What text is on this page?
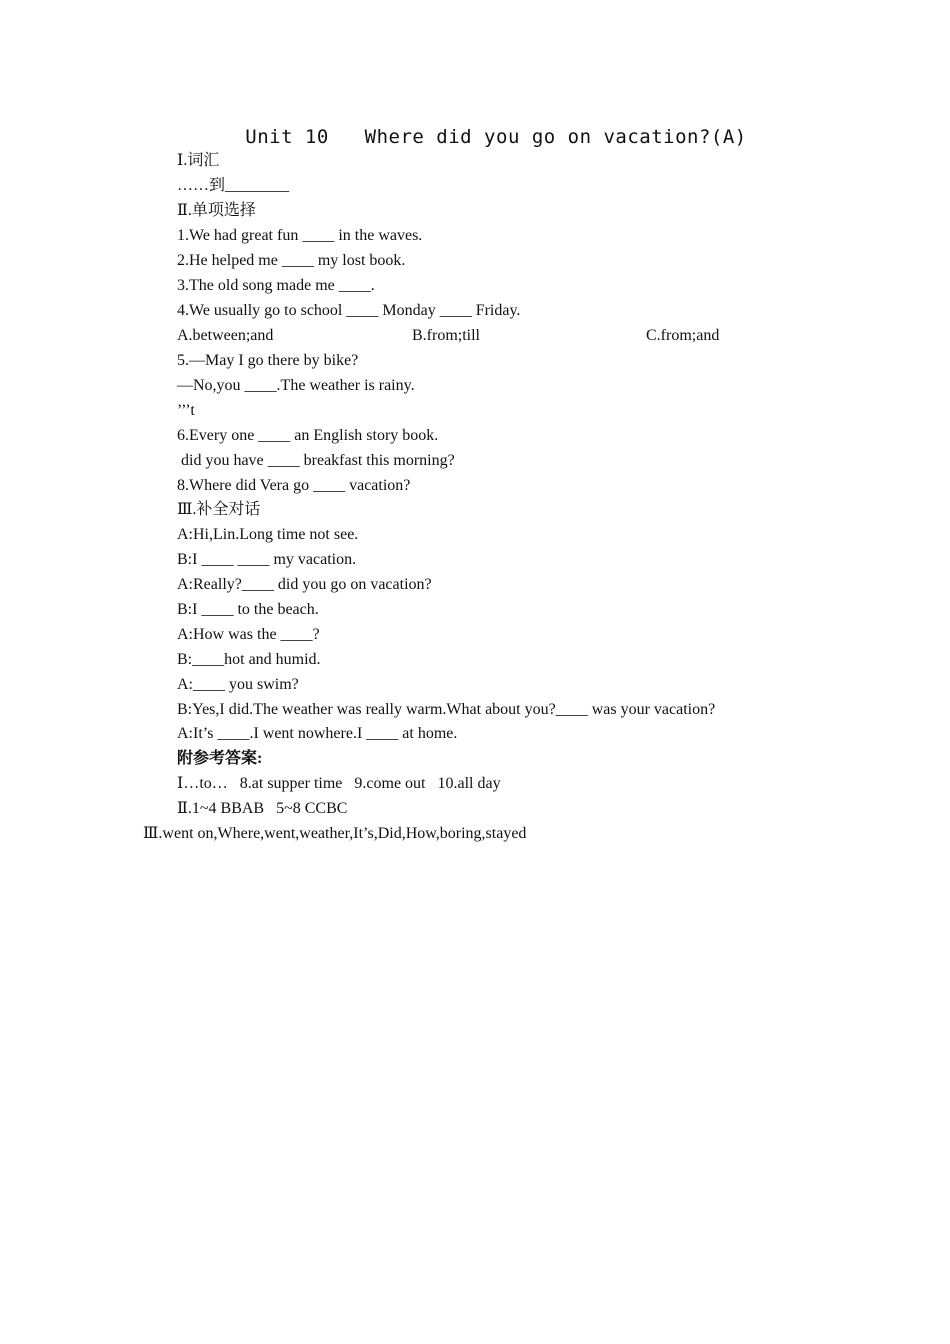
Unit 10   Where did you go on vacation?(A)
Ⅰ.词汇
……到________
Ⅱ.单项选择
1.We had great fun ____ in the waves.
2.He helped me ____ my lost book.
3.The old song made me ____.
4.We usually go to school ____ Monday ____ Friday.
A.between;and	B.from;till	C.from;and
5.—May I go there by bike?
—No,you ____.The weather is rainy.
’’’t
6.Every one ____ an English story book.
did you have ____ breakfast this morning?
8.Where did Vera go ____ vacation?
Ⅲ.补全对话
A:Hi,Lin.Long time not see.
B:I ____ ____ my vacation.
A:Really?____ did you go on vacation?
B:I ____ to the beach.
A:How was the ____?
B:____hot and humid.
A:____ you swim?
B:Yes,I did.The weather was really warm.What about you?____ was your vacation?
A:It’s ____.I went nowhere.I ____ at home.
附参考答案:
Ⅰ…to…   8.at supper time   9.come out   10.all day
Ⅱ.1~4 BBAB   5~8 CCBC
Ⅲ.went on,Where,went,weather,It’s,Did,How,boring,stayed
